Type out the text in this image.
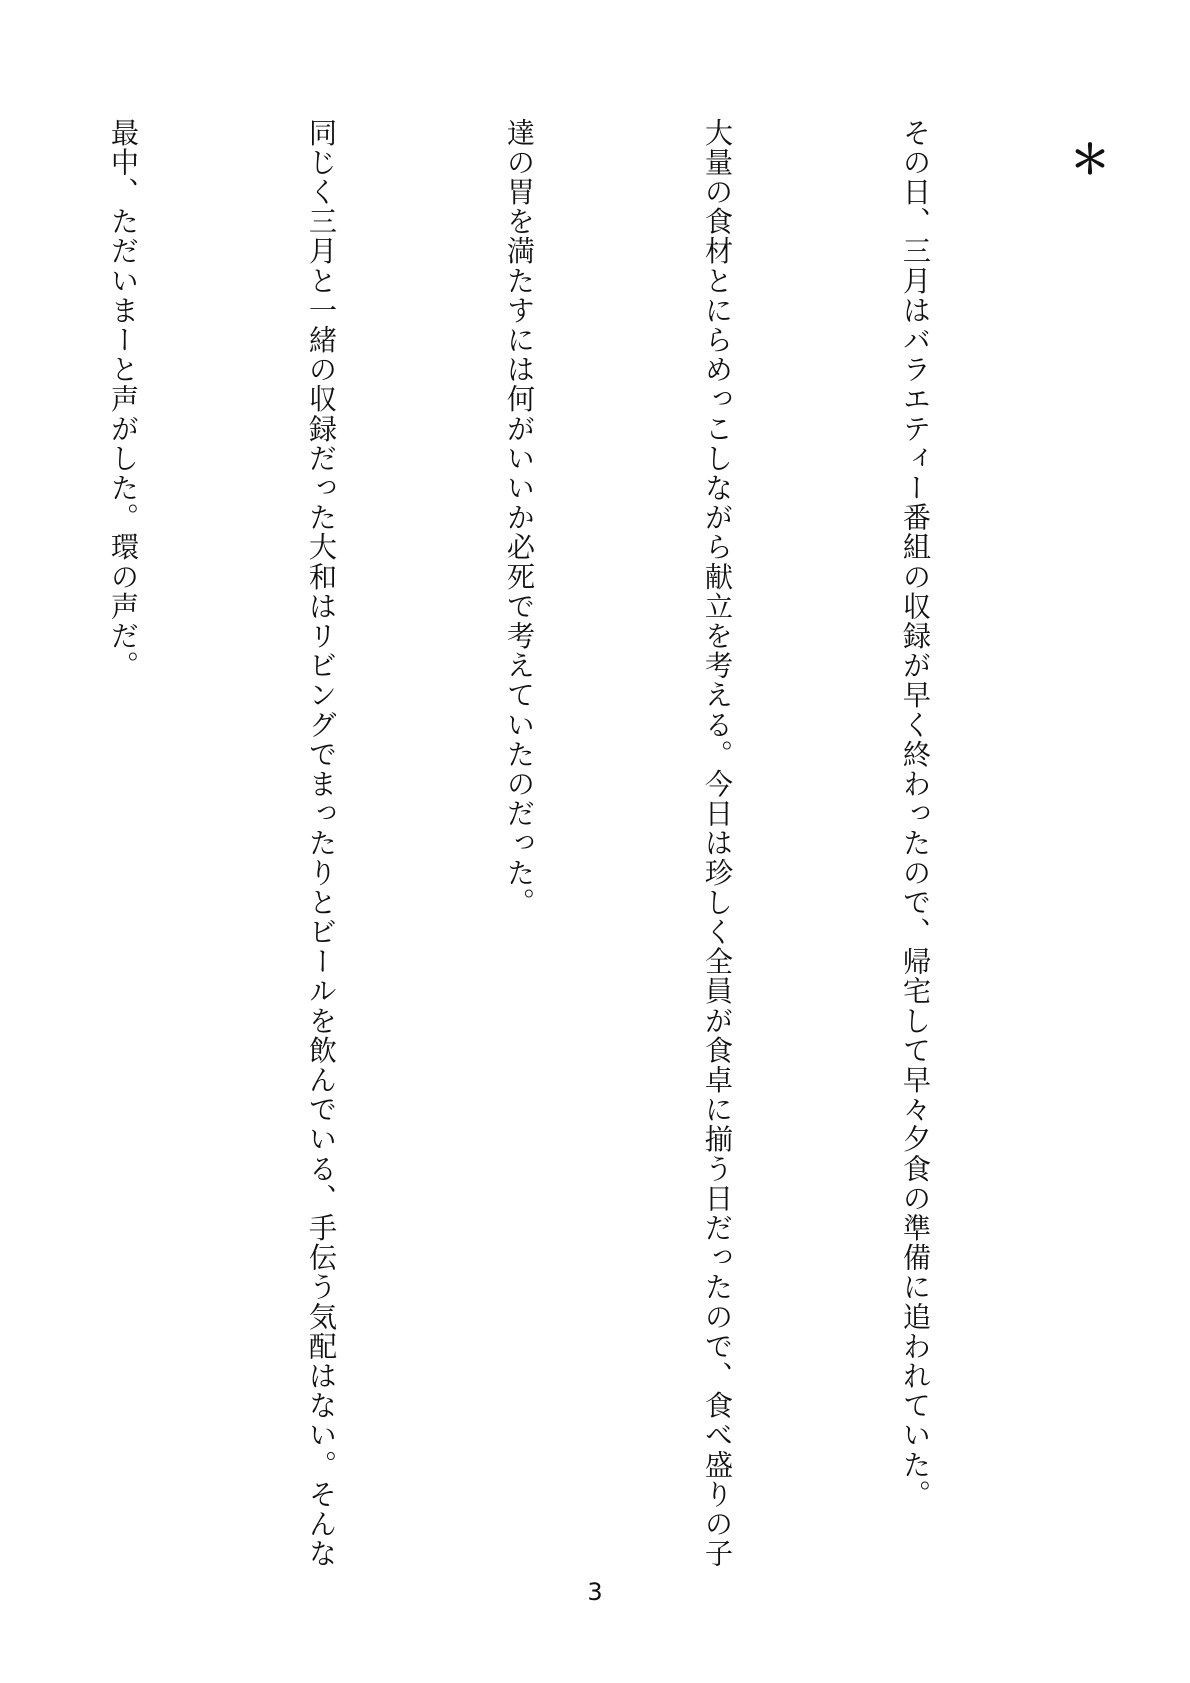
＊

その日、三月はバラエティー番組の収録が早く終わったので、帰宅して早々夕食の準備に追われていた。

大量の食材とにらめっこしながら献立を考える。今日は珍しく全員が食卓に揃う日だったので、食べ盛りの子

達の胃を満たすには何がいいか必死で考えていたのだった。

同じく三月と一緒の収録だった大和はリビングでまったりとビールを飲んでいる、手伝う気配はない。そんな

最中、ただいまーと声がした。環の声だ。

3
